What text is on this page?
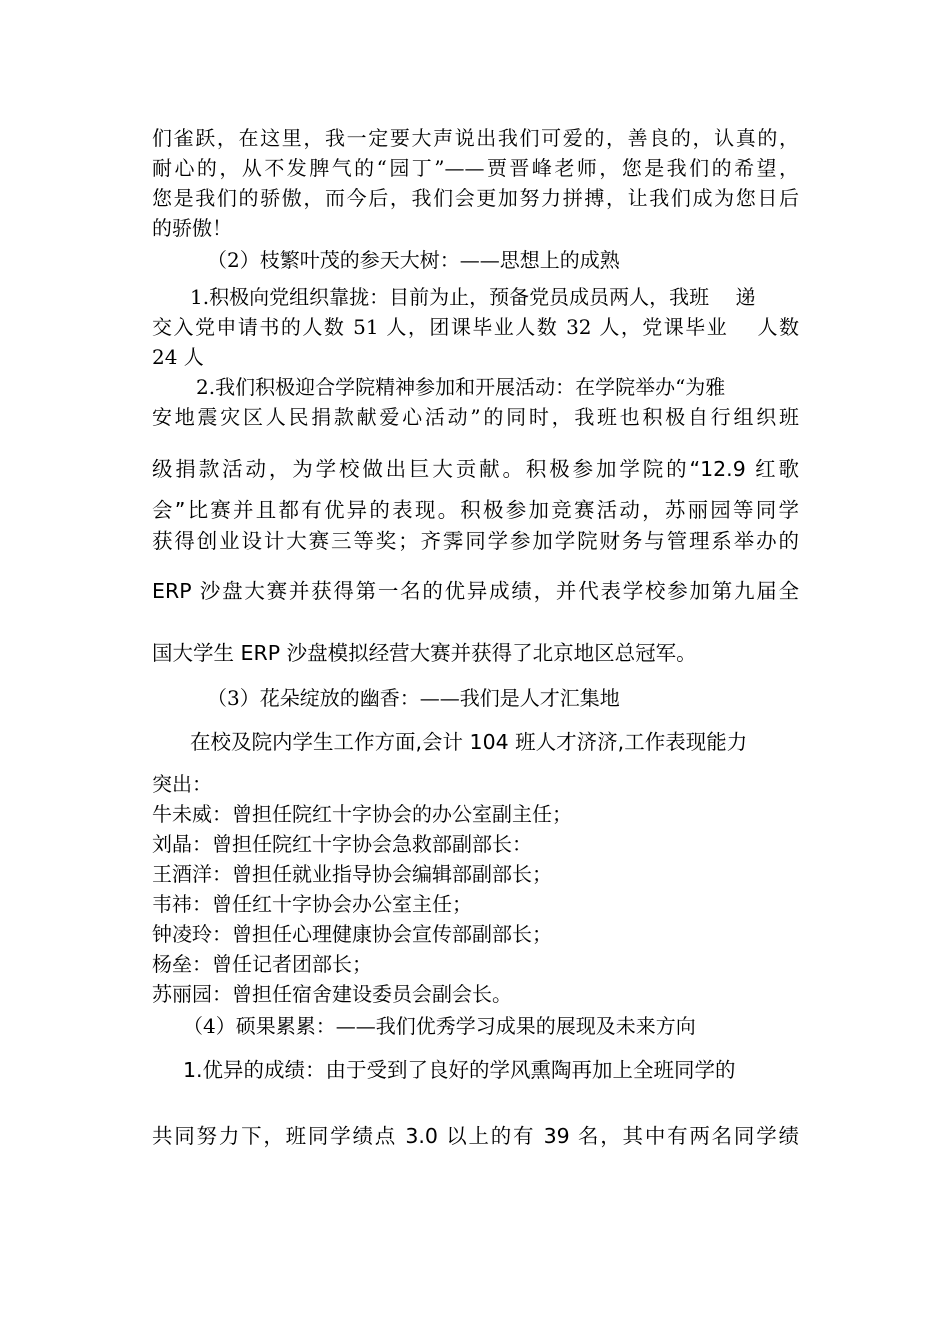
们雀跃，在这里，我一定要大声说出我们可爱的，善良的，认真的，
耐心的，从不发脾气的“园丁”——贾晋峰老师，您是我们的希望，
您是我们的骄傲，而今后，我们会更加努力拼搏，让我们成为您日后
的骄傲！
（2）枝繁叶茂的参天大树：——思想上的成熟
1.积极向党组织靠拢：目前为止，预备党员成员两人，我班　 递
交入党申请书的人数 51 人，团课毕业人数 32 人，党课毕业　 人数
24 人
2.我们积极迎合学院精神参加和开展活动：在学院举办“为雅
安地震灾区人民捐款献爱心活动”的同时，我班也积极自行组织班
级捐款活动，为学校做出巨大贡献。积极参加学院的“12.9 红歌
会”比赛并且都有优异的表现。积极参加竞赛活动，苏丽园等同学
获得创业设计大赛三等奖；齐霁同学参加学院财务与管理系举办的
ERP 沙盘大赛并获得第一名的优异成绩，并代表学校参加第九届全
国大学生 ERP 沙盘模拟经营大赛并获得了北京地区总冠军。
（3）花朵绽放的幽香：——我们是人才汇集地
在校及院内学生工作方面,会计 104 班人才济济,工作表现能力
突出：
牛未威：曾担任院红十字协会的办公室副主任；
刘晶：曾担任院红十字协会急救部副部长：
王酒洋：曾担任就业指导协会编辑部副部长；
韦祎：曾任红十字协会办公室主任；
钟凌玲：曾担任心理健康协会宣传部副部长；
杨垒：曾任记者团部长；
苏丽园：曾担任宿舍建设委员会副会长。
（4）硕果累累：——我们优秀学习成果的展现及未来方向
1.优异的成绩：由于受到了良好的学风熏陶再加上全班同学的
共同努力下，班同学绩点 3.0 以上的有 39 名，其中有两名同学绩
